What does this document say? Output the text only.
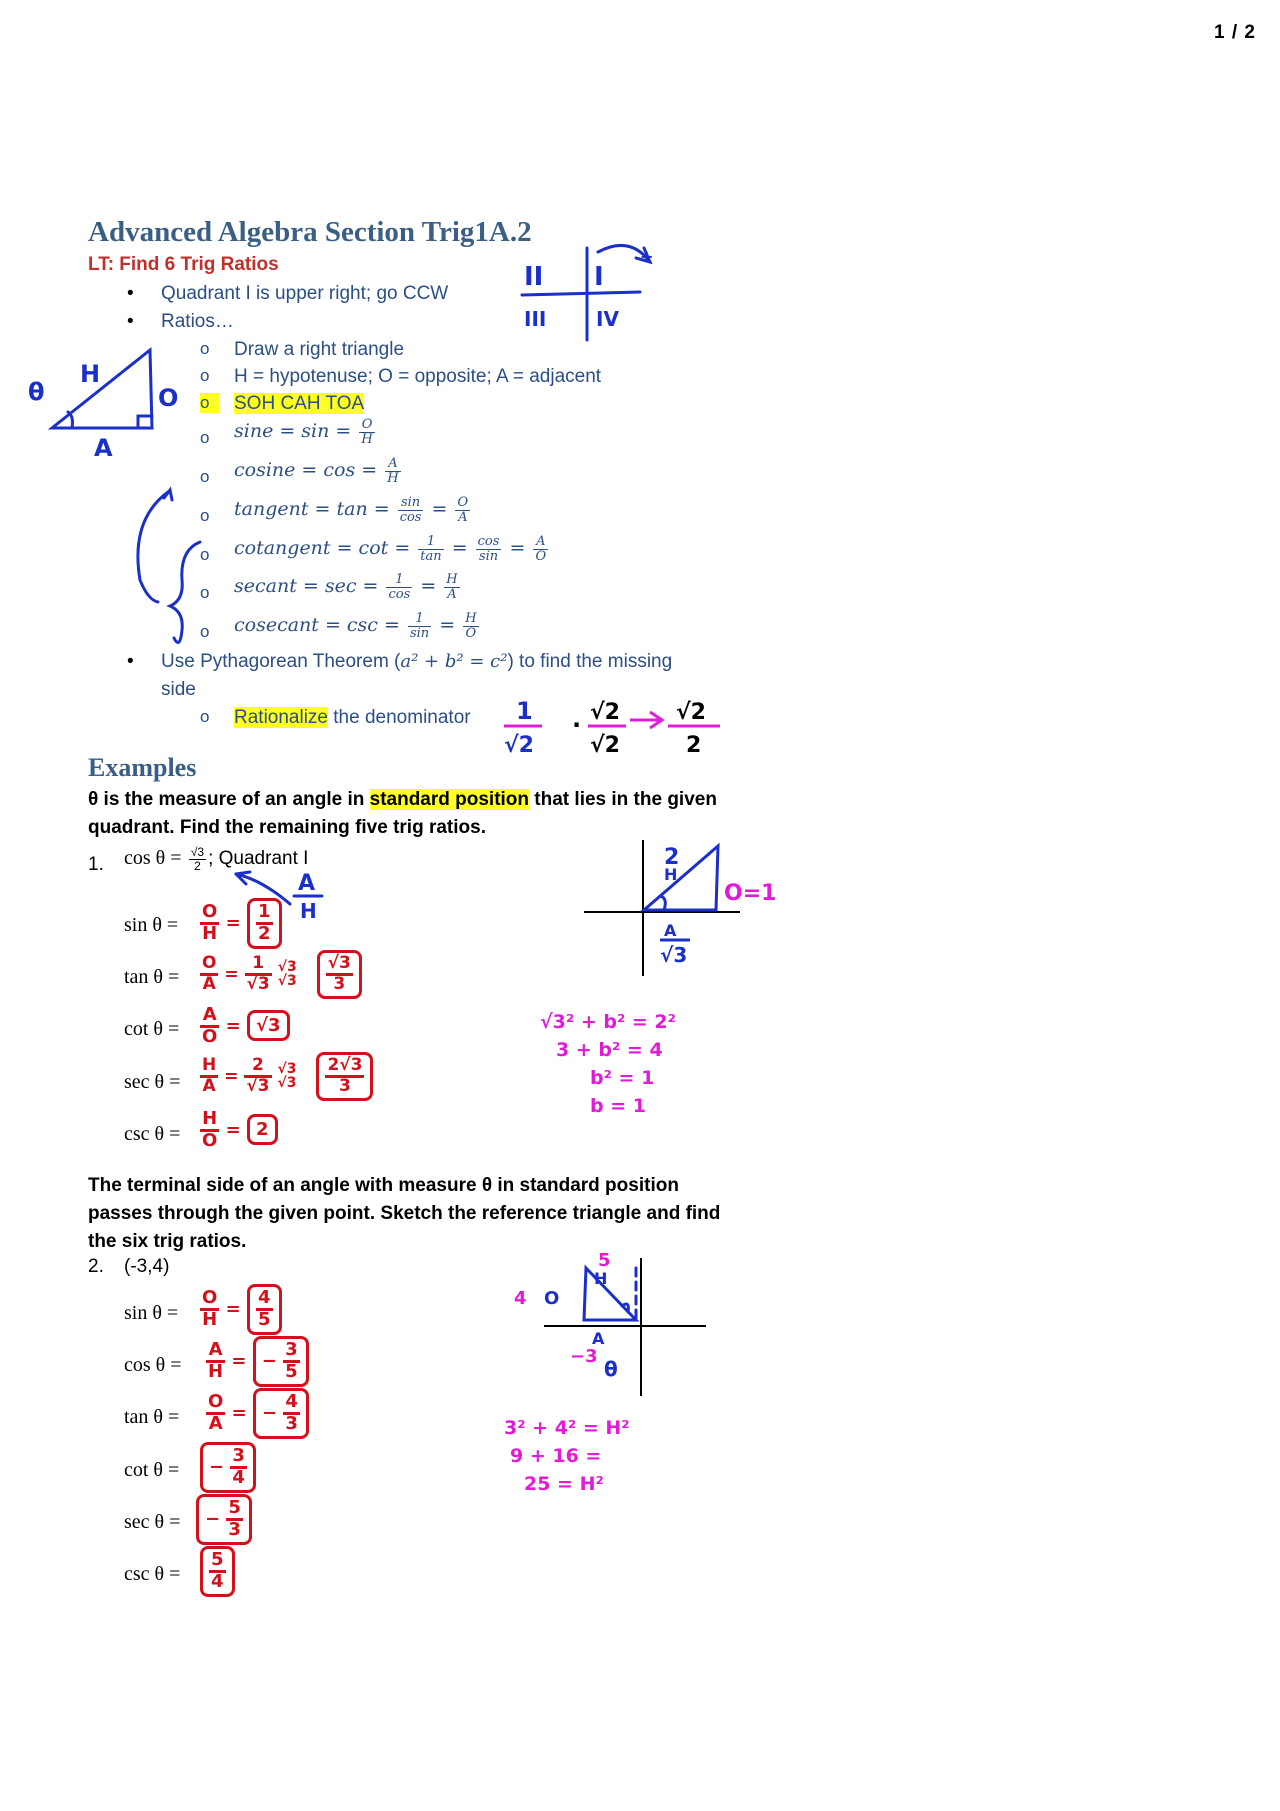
1 / 2
Advanced Algebra Section Trig1A.2
LT: Find 6 Trig Ratios
• Quadrant I is upper right; go CCW
• Ratios…
o Draw a right triangle
o H = hypotenuse; O = opposite; A = adjacent
o	SOH CAH TOA
o $\sin e = \sin = \frac{O}{H}$
o $cosine = \cos = \frac{A}{H}$
o tangent = $\tan = \frac{\sin}{\cos} = \frac{O}{A}$
o cotangent = $\cot = \frac{1}{\tan} = \frac{\cos}{\sin} = \frac{A}{O}$
o secant = $\sec = \frac{1}{\cos} = \frac{H}{A}$
o cosecant = $\csc = \frac{1}{\sin} = \frac{H}{O}$
• Use Pythagorean Theorem (a² + b² = c²) to find the missing
side
o Rationalize the denominator
Examples
θ is the measure of an angle in standard position that lies in the given
quadrant. Find the remaining five trig ratios.
1. $\cos \theta = \frac{√3}{2}$ ; Quadrant I
sin θ =
tan θ =
cot θ =
sec θ =
csc θ =
$\frac{O}{H} = \frac{1}{2}$
$\frac{O}{A} = \frac{1}{√3} √3$
$√3 \frac{√3}{3}$
$\frac{A}{O} = √3$
$\frac{H}{A} = \frac{2}{√3} √3$
$√3 \frac{2√3}{3}$
$\frac{H}{O} = 2$
The terminal side of an angle with measure θ in standard position
passes through the given point. Sketch the reference triangle and find
the six trig ratios.
2. (-3,4)
sin θ =
cos θ =
tan θ =
cot θ =
sec θ =
csc θ =
$\frac{O}{H} = \frac{4}{5}$
$\frac{A}{H}$ = − $\frac{3}{5}$
$\frac{O}{A}$ = − $\frac{4}{3}$
− $\frac{3}{4}$
− $\frac{5}{3}$
$\frac{5}{4}$
II I
III IV
+
θ
H
O
A
1
√2
· √2
√2
√2
2
A
H
2
H
O=1
A
√3
√3² + b² = 2²
3 + b² = 4
b² = 1
b = 1
5
H
4 O
A
−3
θ
3² + 4² = H²
9 + 16 =
25 = H²
